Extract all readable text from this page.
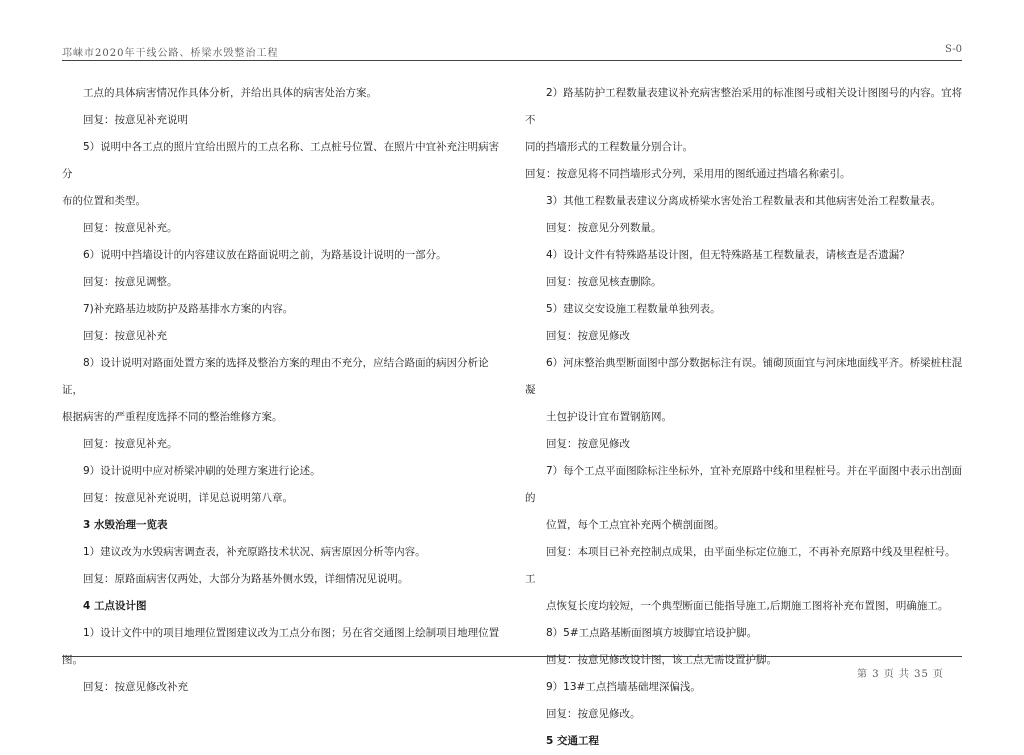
邛崃市2020年干线公路、桥梁水毁整治工程	S-0

工点的具体病害情况作具体分析，并给出具体的病害处治方案。

回复：按意见补充说明

5）说明中各工点的照片宜给出照片的工点名称、工点桩号位置、在照片中宜补充注明病害分

布的位置和类型。

回复：按意见补充。

6）说明中挡墙设计的内容建议放在路面说明之前，为路基设计说明的一部分。

回复：按意见调整。

7)补充路基边坡防护及路基排水方案的内容。

回复：按意见补充

8）设计说明对路面处置方案的选择及整治方案的理由不充分，应结合路面的病因分析论证，

根据病害的严重程度选择不同的整治维修方案。

回复：按意见补充。

9）设计说明中应对桥梁冲刷的处理方案进行论述。

回复：按意见补充说明，详见总说明第八章。

3 水毁治理一览表

1）建议改为水毁病害调查表，补充原路技术状况、病害原因分析等内容。

回复：原路面病害仅两处，大部分为路基外侧水毁，详细情况见说明。

4 工点设计图

1）设计文件中的项目地理位置图建议改为工点分布图；另在省交通图上绘制项目地理位置

图。

回复：按意见修改补充

2）路基防护工程数量表建议补充病害整治采用的标准图号或相关设计图图号的内容。宜将不

同的挡墙形式的工程数量分别合计。

回复：按意见将不同挡墙形式分列，采用用的图纸通过挡墙名称索引。

3）其他工程数量表建议分离成桥梁水害处治工程数量表和其他病害处治工程数量表。

回复：按意见分列数量。

4）设计文件有特殊路基设计图，但无特殊路基工程数量表，请核查是否遗漏？

回复：按意见核查删除。

5）建议交安设施工程数量单独列表。

回复：按意见修改

6）河床整治典型断面图中部分数据标注有误。铺砌顶面宜与河床地面线平齐。桥梁桩柱混凝

土包护设计宜布置钢筋网。

回复：按意见修改

7）每个工点平面图除标注坐标外，宜补充原路中线和里程桩号。并在平面图中表示出剖面的

位置，每个工点宜补充两个横剖面图。

回复：本项目已补充控制点成果，由平面坐标定位施工，不再补充原路中线及里程桩号。工

点恢复长度均较短，一个典型断面已能指导施工,后期施工图将补充布置图，明确施工。

8）5#工点路基断面图填方坡脚宜培设护脚。

回复：按意见修改设计图，该工点无需设置护脚。

9）13#工点挡墙基础埋深偏浅。

回复：按意见修改。

5 交通工程

第 3 页 共 35 页
